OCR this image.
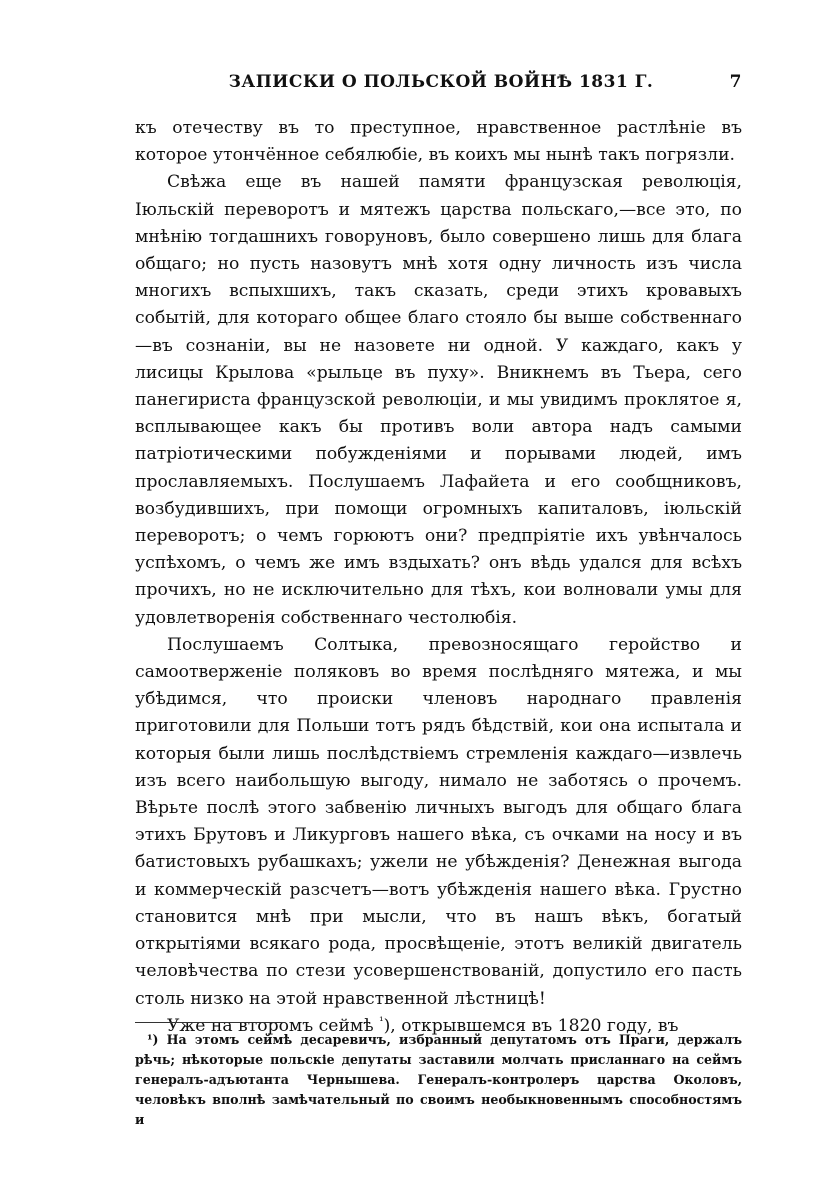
ЗАПИСКИ О ПОЛЬСКОЙ ВОЙНѢ 1831 Г.	7

къ отечеству въ то преступное, нравственное растлѣніе въ которое утончённое себялюбіе, въ коихъ мы нынѣ такъ погрязли.

Свѣжа еще въ нашей памяти французская революція, Іюльскій переворотъ и мятежъ царства польскаго,—все это, по мнѣнію тогдашнихъ говоруновъ, было совершено лишь для блага общаго; но пусть назовутъ мнѣ хотя одну личность изъ числа многихъ вспыхшихъ, такъ сказать, среди этихъ кровавыхъ событій, для котораго общее благо стояло бы выше собственнаго—въ сознаніи, вы не назовете ни одной. У каждаго, какъ у лисицы Крылова «рыльце въ пуху». Вникнемъ въ Тьера, сего панегириста французской революціи, и мы увидимъ проклятое я, всплывающее какъ бы противъ воли автора надъ самыми патріотическими побужденіями и порывами людей, имъ прославляемыхъ. Послушаемъ Лафайета и его сообщниковъ, возбудившихъ, при помощи огромныхъ капиталовъ, іюльскій переворотъ; о чемъ горюютъ они? предпріятіе ихъ увѣнчалось успѣхомъ, о чемъ же имъ вздыхать? онъ вѣдь удался для всѣхъ прочихъ, но не исключительно для тѣхъ, кои волновали умы для удовлетворенія собственнаго честолюбія.

Послушаемъ Солтыка, превозносящаго геройство и самоотверженіе поляковъ во время послѣдняго мятежа, и мы убѣдимся, что происки членовъ народнаго правленія приготовили для Польши тотъ рядъ бѣдствій, кои она испытала и которыя были лишь послѣдствіемъ стремленія каждаго—извлечь изъ всего наибольшую выгоду, нимало не заботясь о прочемъ. Вѣрьте послѣ этого забвенію личныхъ выгодъ для общаго блага этихъ Брутовъ и Ликурговъ нашего вѣка, съ очками на носу и въ батистовыхъ рубашкахъ; ужели не убѣжденія? Денежная выгода и коммерческій разсчетъ—вотъ убѣжденія нашего вѣка. Грустно становится мнѣ при мысли, что въ нашъ вѣкъ, богатый открытіями всякаго рода, просвѣщеніе, этотъ великій двигатель человѣчества по стези усовершенствованій, допустило его пасть столь низко на этой нравственной лѣстницѣ!

Уже на второмъ сеймѣ $^{^1}$), открывшемся въ 1820 году, въ

¹) На этомъ сеймѣ десаревичъ, избранный депутатомъ отъ Праги, держалъ рѣчь; нѣкоторые польскіе депутаты заставили молчать присланнаго на сеймъ генералъ-адъютанта Чернышева. Генералъ-контролеръ царства Околовъ, человѣкъ вполнѣ замѣчательный по своимъ необыкновеннымъ способностямъ и
